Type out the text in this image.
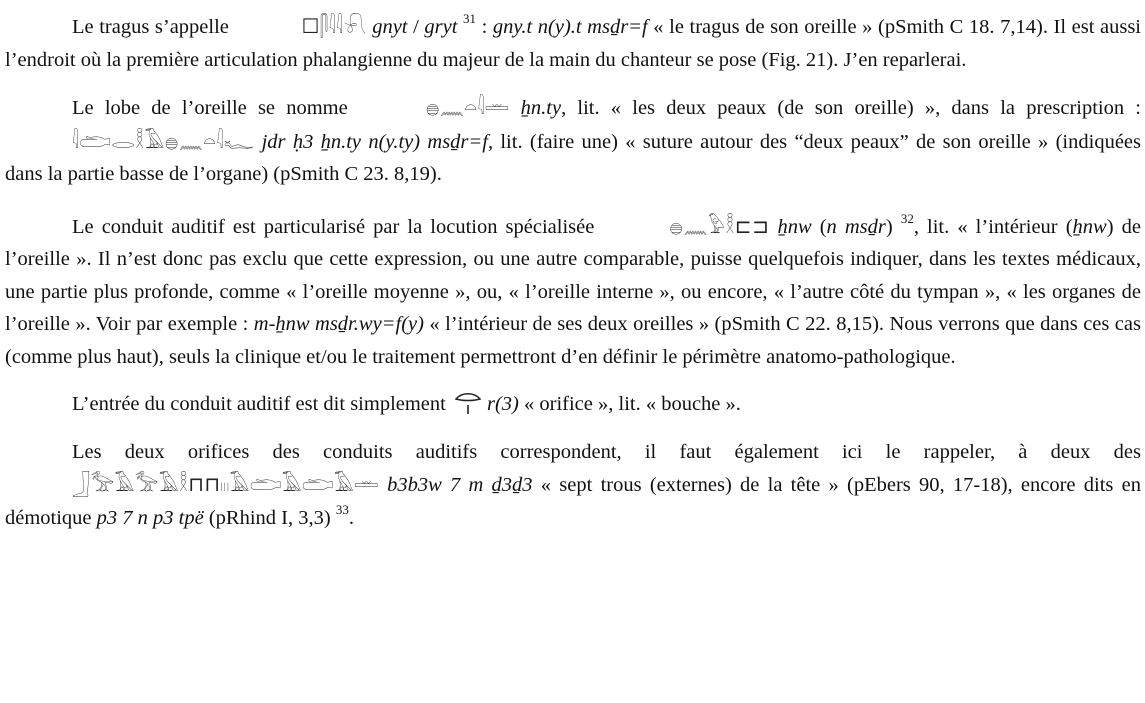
Le tragus s’appelle	☐𓋴𓇋𓇋𓍯 gnyt / gryt $^{31}$ : gny.t n(y).t msḏr=f « le tragus de son oreille » (pSmith C 18. 7,14). Il est aussi l’endroit où la première articulation phalangienne du majeur de la main du chanteur se pose (Fig. 21). J’en reparlerai.

Le lobe de l’oreille se nomme	𓐍𓈖𓏏𓇋𓏛 ẖn.ty, lit. « les deux peaux (de son oreille) », dans la prescription : 𓇋𓂧𓂋𓎛𓄿𓐍𓈖𓏏𓇋𓆑 jdr ḥ3 ẖn.ty n(y.ty) msḏr=f, lit. (faire une) « suture autour des “deux peaux” de son oreille » (indiquées dans la partie basse de l’organe) (pSmith C 23. 8,19).

Le conduit auditif est particularisé par la locution spécialisée	𓐍𓈖𓅱𓎛⊏⊐ ẖnw (n msḏr) $^{32}$, lit. « l’intérieur (ẖnw) de l’oreille ». Il n’est donc pas exclu que cette expression, ou une autre comparable, puisse quelquefois indiquer, dans les textes médicaux, une partie plus profonde, comme « l’oreille moyenne », ou, « l’oreille interne », ou encore, « l’autre côté du tympan », « les organes de l’oreille ». Voir par exemple : m-ẖnw msḏr.wy=f(y) « l’intérieur de ses deux oreilles » (pSmith C 22. 8,15). Nous verrons que dans ces cas (comme plus haut), seuls la clinique et/ou le traitement permettront d’en définir le périmètre anatomo-pathologique.

L’entrée du conduit auditif est dit simplement r(3) « orifice », lit. « bouche ».

Les deux orifices des conduits auditifs correspondent, il faut également ici le rappeler, à deux des 𓃀𓅡𓄿𓅡𓄿𓎛⊓⊓𓏼𓄿𓂧𓄿𓂧𓄿𓏛 b3b3w 7 m ḏ3ḏ3 « sept trous (externes) de la tête » (pEbers 90, 17-18), encore dits en démotique p3 7 n p3 tpë (pRhind I, 3,3) $^{33}$.
